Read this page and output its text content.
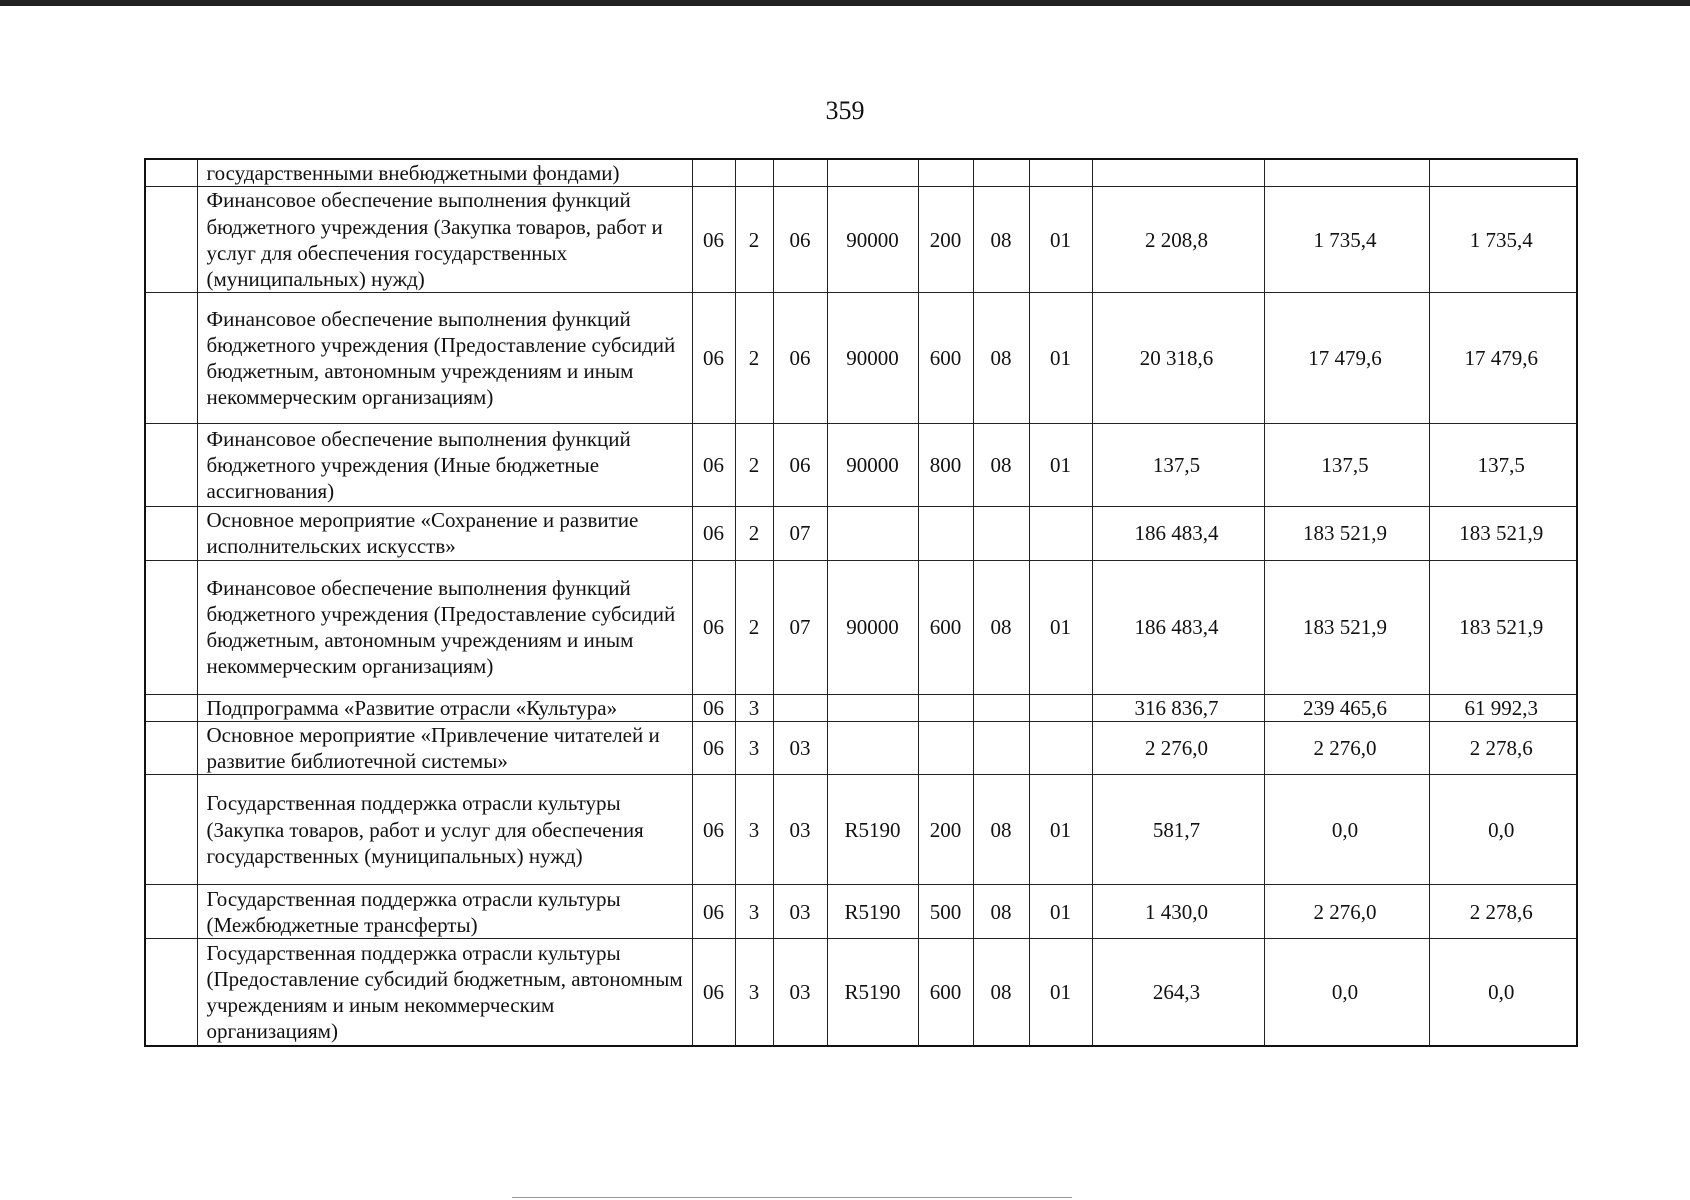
359
	государственными внебюджетными фондами)										
	Финансовое обеспечение выполнения функций бюджетного учреждения (Закупка товаров, работ и услуг для обеспечения государственных (муниципальных) нужд)	06	2	06	90000	200	08	01	2 208,8	1 735,4	1 735,4
	Финансовое обеспечение выполнения функций бюджетного учреждения (Предоставление субсидий бюджетным, автономным учреждениям и иным некоммерческим организациям)	06	2	06	90000	600	08	01	20 318,6	17 479,6	17 479,6
	Финансовое обеспечение выполнения функций бюджетного учреждения (Иные бюджетные ассигнования)	06	2	06	90000	800	08	01	137,5	137,5	137,5
	Основное мероприятие «Сохранение и развитие исполнительских искусств»	06	2	07					186 483,4	183 521,9	183 521,9
	Финансовое обеспечение выполнения функций бюджетного учреждения (Предоставление субсидий бюджетным, автономным учреждениям и иным некоммерческим организациям)	06	2	07	90000	600	08	01	186 483,4	183 521,9	183 521,9
	Подпрограмма «Развитие отрасли «Культура»	06	3						316 836,7	239 465,6	61 992,3
	Основное мероприятие «Привлечение читателей и развитие библиотечной системы»	06	3	03					2 276,0	2 276,0	2 278,6
	Государственная поддержка отрасли культуры (Закупка товаров, работ и услуг для обеспечения государственных (муниципальных) нужд)	06	3	03	R5190	200	08	01	581,7	0,0	0,0
	Государственная поддержка отрасли культуры (Межбюджетные трансферты)	06	3	03	R5190	500	08	01	1 430,0	2 276,0	2 278,6
	Государственная поддержка отрасли культуры (Предоставление субсидий бюджетным, автономным учреждениям и иным некоммерческим организациям)	06	3	03	R5190	600	08	01	264,3	0,0	0,0
